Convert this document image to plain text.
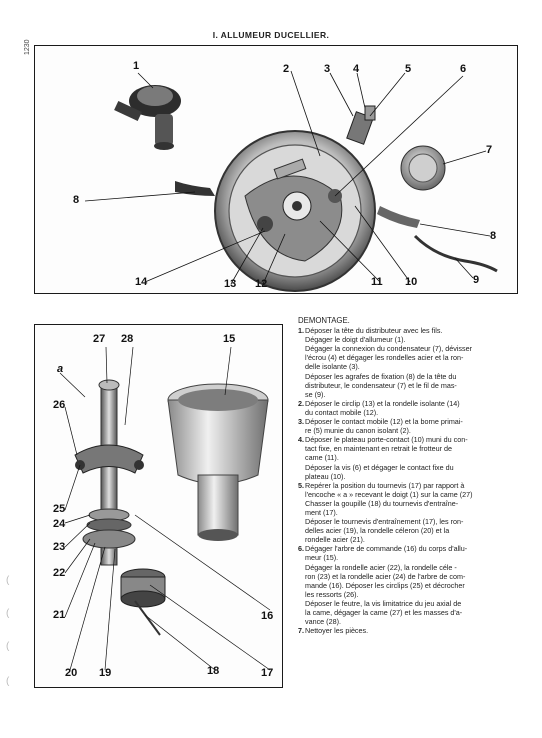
I. ALLUMEUR DUCELLIER.
1230
1	2	3 4	5	6
7
8
8
9
10
11
12
13
14
27 28	15
a
26
25
24
23
22
21
20 19	18	17
16
DEMONTAGE.
1. Déposer la tête du distributeur avec les fils.
Dégager le doigt d'allumeur (1).
Dégager la connexion du condensateur (7), dévisser
l'écrou (4) et dégager les rondelles acier et la ron-
delle isolante (3).
Déposer les agrafes de fixation (8) de la tête du
distributeur, le condensateur (7) et le fil de mas-
se (9).
2. Déposer le circlip (13) et la rondelle isolante (14)
du contact mobile (12).
3. Déposer le contact mobile (12) et la borne primai-
re (5) munie du canon isolant (2).
4. Déposer le plateau porte-contact (10) muni du con-
tact fixe, en maintenant en retrait le frotteur de
came (11).
Déposer la vis (6) et dégager le contact fixe du
plateau (10).
5. Repérer la position du tournevis (17) par rapport à
l'encoche « a » recevant le doigt (1) sur la came (27)
Chasser la goupille (18) du tournevis d'entraîne-
ment (17).
Déposer le tournevis d'entraînement (17), les ron-
delles acier (19), la rondelle céleron (20) et la
rondelle acier (21).
6. Dégager l'arbre de commande (16) du corps d'allu-
meur (15).
Dégager la rondelle acier (22), la rondelle céle -
ron (23) et la rondelle acier (24) de l'arbre de com-
mande (16). Déposer les circlips (25) et décrocher
les ressorts (26).
Déposer le feutre, la vis limitatrice du jeu axial de
la came, dégager la came (27) et les masses d'a-
vance (28).
7. Nettoyer les pièces.
(
(
(
(
